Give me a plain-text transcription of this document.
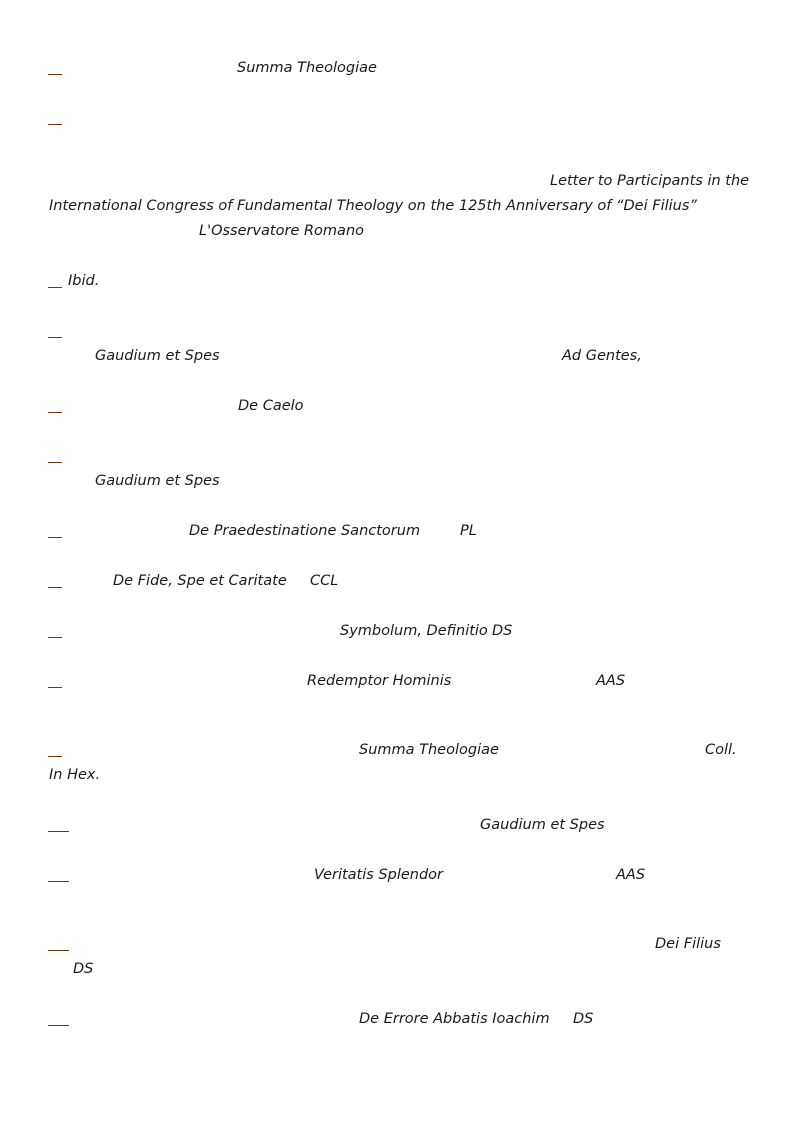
Summa Theologiae
Letter to Participants in the
International Congress of Fundamental Theology on the 125th Anniversary of “Dei Filius”
L'Osservatore Romano
Ibid.
Gaudium et Spes	Ad Gentes,
De Caelo
Gaudium et Spes
De Praedestinatione Sanctorum	PL
De Fide, Spe et Caritate CCL
Symbolum, Definitio DS
Redemptor Hominis	AAS
Summa Theologiae	Coll.
In Hex.
Gaudium et Spes
Veritatis Splendor	AAS
Dei Filius
DS
De Errore Abbatis Ioachim DS
